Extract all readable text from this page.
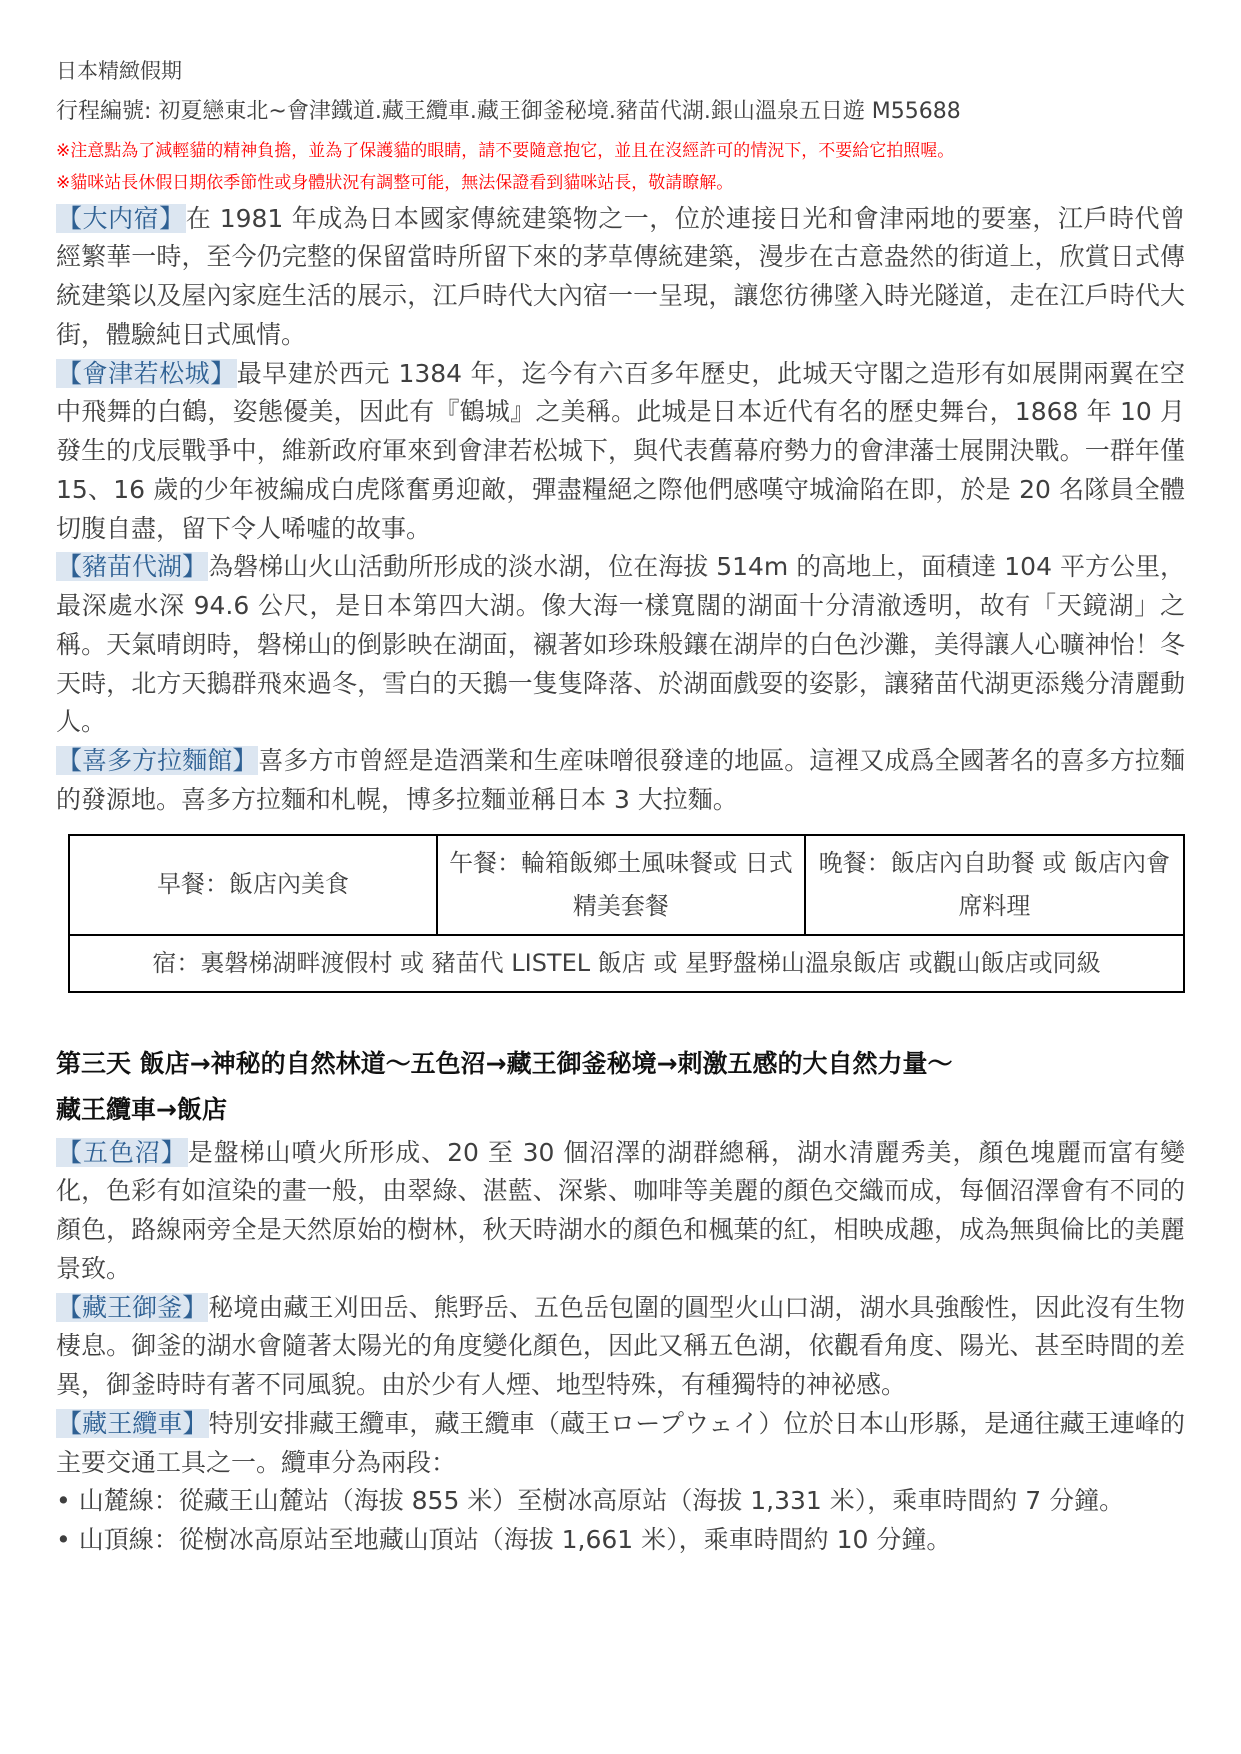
日本精緻假期
行程編號: 初夏戀東北~會津鐵道.藏王纜車.藏王御釜秘境.豬苗代湖.銀山溫泉五日遊 M55688
※注意點為了減輕貓的精神負擔，並為了保護貓的眼睛，請不要隨意抱它，並且在沒經許可的情況下，不要給它拍照喔。
※貓咪站長休假日期依季節性或身體狀況有調整可能，無法保證看到貓咪站長，敬請瞭解。

【大内宿】在 1981 年成為日本國家傳統建築物之一，位於連接日光和會津兩地的要塞，江戶時代曾經繁華一時，至今仍完整的保留當時所留下來的茅草傳統建築，漫步在古意盎然的街道上，欣賞日式傳統建築以及屋內家庭生活的展示，江戶時代大內宿一一呈現，讓您彷彿墜入時光隧道，走在江戶時代大街，體驗純日式風情。

【會津若松城】最早建於西元 1384 年，迄今有六百多年歷史，此城天守閣之造形有如展開兩翼在空中飛舞的白鶴，姿態優美，因此有『鶴城』之美稱。此城是日本近代有名的歷史舞台，1868 年 10 月發生的戊辰戰爭中，維新政府軍來到會津若松城下，與代表舊幕府勢力的會津藩士展開決戰。一群年僅 15、16 歲的少年被編成白虎隊奮勇迎敵，彈盡糧絕之際他們感嘆守城淪陷在即，於是 20 名隊員全體切腹自盡，留下令人唏噓的故事。

【豬苗代湖】為磐梯山火山活動所形成的淡水湖，位在海拔 514m 的高地上，面積達 104 平方公里，最深處水深 94.6 公尺，是日本第四大湖。像大海一樣寬闊的湖面十分清澈透明，故有「天鏡湖」之稱。天氣晴朗時，磐梯山的倒影映在湖面，襯著如珍珠般鑲在湖岸的白色沙灘，美得讓人心曠神怡！冬天時，北方天鵝群飛來過冬，雪白的天鵝一隻隻降落、於湖面戲耍的姿影，讓豬苗代湖更添幾分清麗動人。

【喜多方拉麵館】喜多方市曾經是造酒業和生産味噌很發達的地區。這裡又成爲全國著名的喜多方拉麵的發源地。喜多方拉麵和札幌，博多拉麵並稱日本 3 大拉麵。

早餐：飯店內美食	午餐：輪箱飯鄉土風味餐或 日式精美套餐	晚餐：飯店內自助餐 或 飯店內會席料理
宿：裏磐梯湖畔渡假村 或 豬苗代 LISTEL 飯店 或 星野盤梯山溫泉飯店 或觀山飯店或同級
第三天 飯店→神秘的自然林道～五色沼→藏王御釜秘境→刺激五感的大自然力量～
藏王纜車→飯店

【五色沼】是盤梯山噴火所形成、20 至 30 個沼澤的湖群總稱，湖水清麗秀美，顏色塊麗而富有變化，色彩有如渲染的畫一般，由翠綠、湛藍、深紫、咖啡等美麗的顏色交織而成，每個沼澤會有不同的顏色，路線兩旁全是天然原始的樹林，秋天時湖水的顏色和楓葉的紅，相映成趣，成為無與倫比的美麗景致。

【藏王御釜】秘境由藏王刈田岳、熊野岳、五色岳包圍的圓型火山口湖，湖水具強酸性，因此沒有生物棲息。御釜的湖水會隨著太陽光的角度變化顏色，因此又稱五色湖，依觀看角度、陽光、甚至時間的差異，御釜時時有著不同風貌。由於少有人煙、地型特殊，有種獨特的神祕感。

【藏王纜車】特別安排藏王纜車，藏王纜車（蔵王ロープウェイ）位於日本山形縣，是通往藏王連峰的主要交通工具之一。纜車分為兩段：

• 山麓線：從藏王山麓站（海拔 855 米）至樹冰高原站（海拔 1,331 米），乘車時間約 7 分鐘。

• 山頂線：從樹冰高原站至地藏山頂站（海拔 1,661 米），乘車時間約 10 分鐘。
